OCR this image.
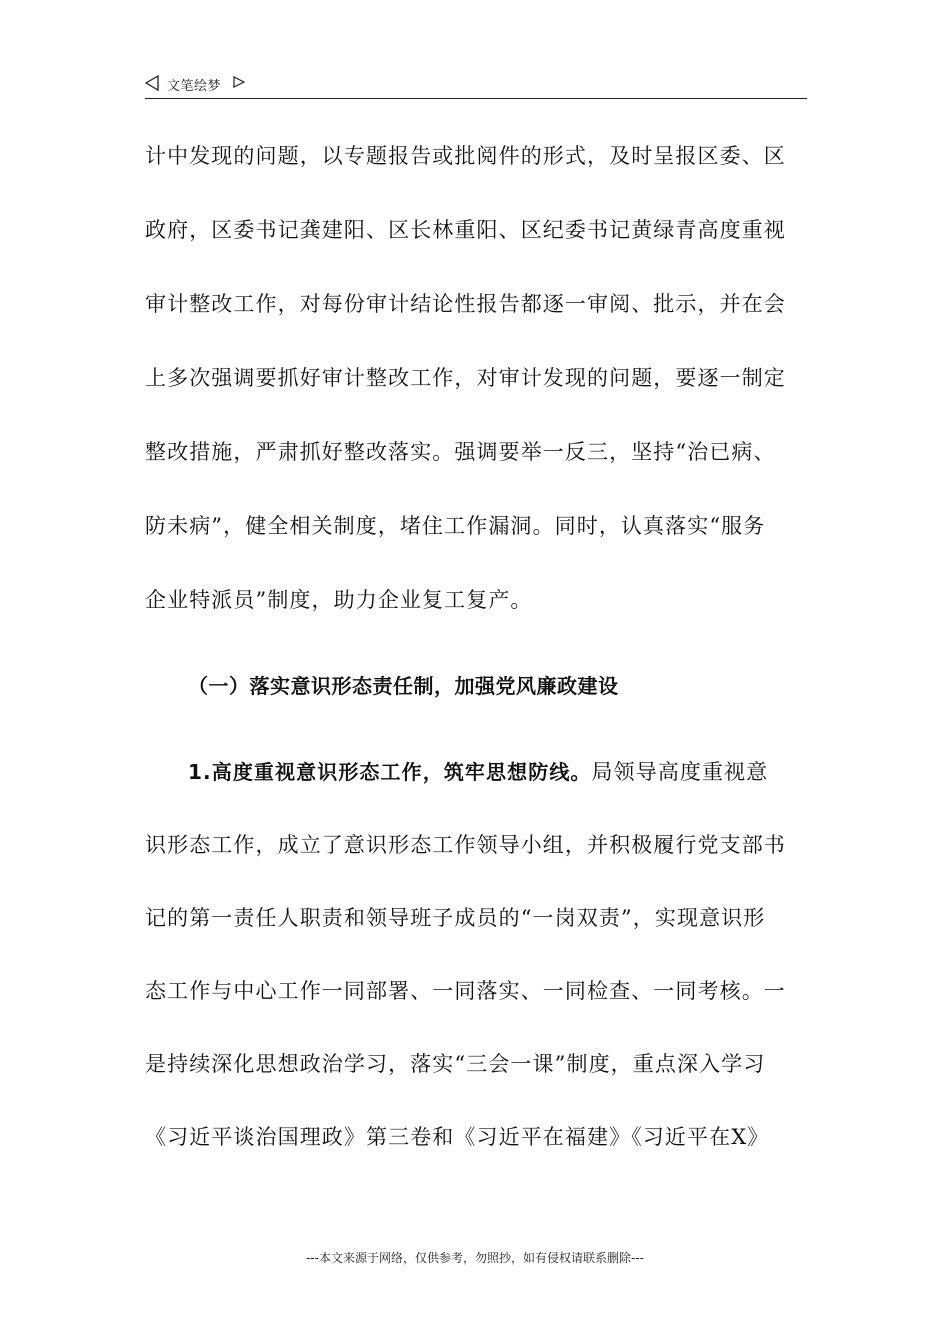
文笔绘梦
计中发现的问题，以专题报告或批阅件的形式，及时呈报区委、区
政府，区委书记龚建阳、区长林重阳、区纪委书记黄绿青高度重视
审计整改工作，对每份审计结论性报告都逐一审阅、批示，并在会
上多次强调要抓好审计整改工作，对审计发现的问题，要逐一制定
整改措施，严肃抓好整改落实。强调要举一反三，坚持“治已病、
防未病”，健全相关制度，堵住工作漏洞。同时，认真落实“服务
企业特派员”制度，助力企业复工复产。
（一）落实意识形态责任制，加强党风廉政建设
1.高度重视意识形态工作，筑牢思想防线。局领导高度重视意
识形态工作，成立了意识形态工作领导小组，并积极履行党支部书
记的第一责任人职责和领导班子成员的“一岗双责”，实现意识形
态工作与中心工作一同部署、一同落实、一同检查、一同考核。一
是持续深化思想政治学习，落实“三会一课”制度，重点深入学习
《习近平谈治国理政》第三卷和《习近平在福建》《习近平在X》
---本文来源于网络，仅供参考，勿照抄，如有侵权请联系删除---
